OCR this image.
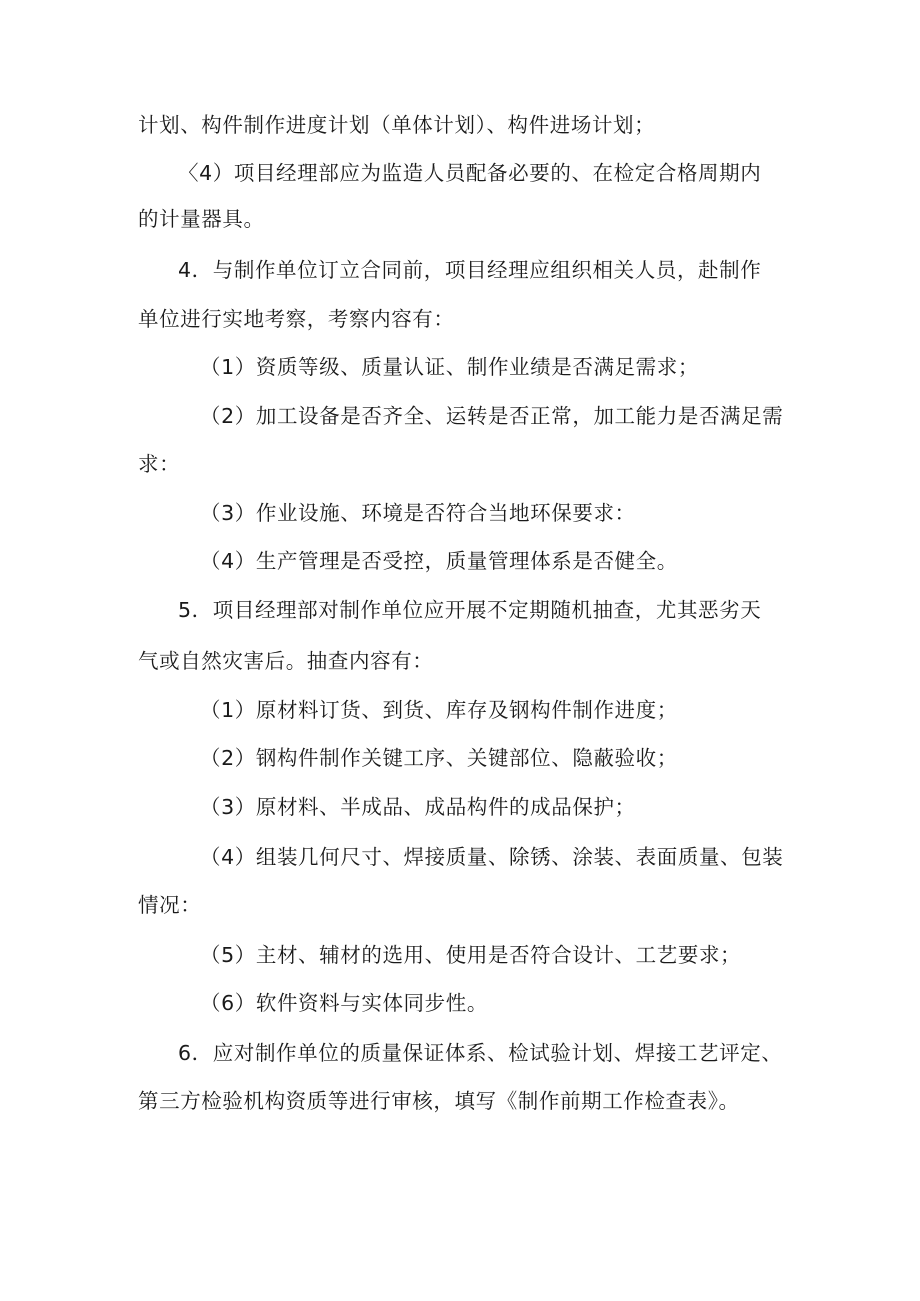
计划、构件制作进度计划（单体计划）、构件进场计划；
〈4）项目经理部应为监造人员配备必要的、在检定合格周期内
的计量器具。
4．与制作单位订立合同前，项目经理应组织相关人员，赴制作
单位进行实地考察，考察内容有：
（1）资质等级、质量认证、制作业绩是否满足需求；
（2）加工设备是否齐全、运转是否正常，加工能力是否满足需
求：
（3）作业设施、环境是否符合当地环保要求：
（4）生产管理是否受控，质量管理体系是否健全。
5．项目经理部对制作单位应开展不定期随机抽查，尤其恶劣天
气或自然灾害后。抽查内容有：
（1）原材料订货、到货、库存及钢构件制作进度；
（2）钢构件制作关键工序、关键部位、隐蔽验收；
（3）原材料、半成品、成品构件的成品保护；
（4）组装几何尺寸、焊接质量、除锈、涂装、表面质量、包装
情况：
（5）主材、辅材的选用、使用是否符合设计、工艺要求；
（6）软件资料与实体同步性。
6．应对制作单位的质量保证体系、检试验计划、焊接工艺评定、
第三方检验机构资质等进行审核，填写《制作前期工作检查表》。
